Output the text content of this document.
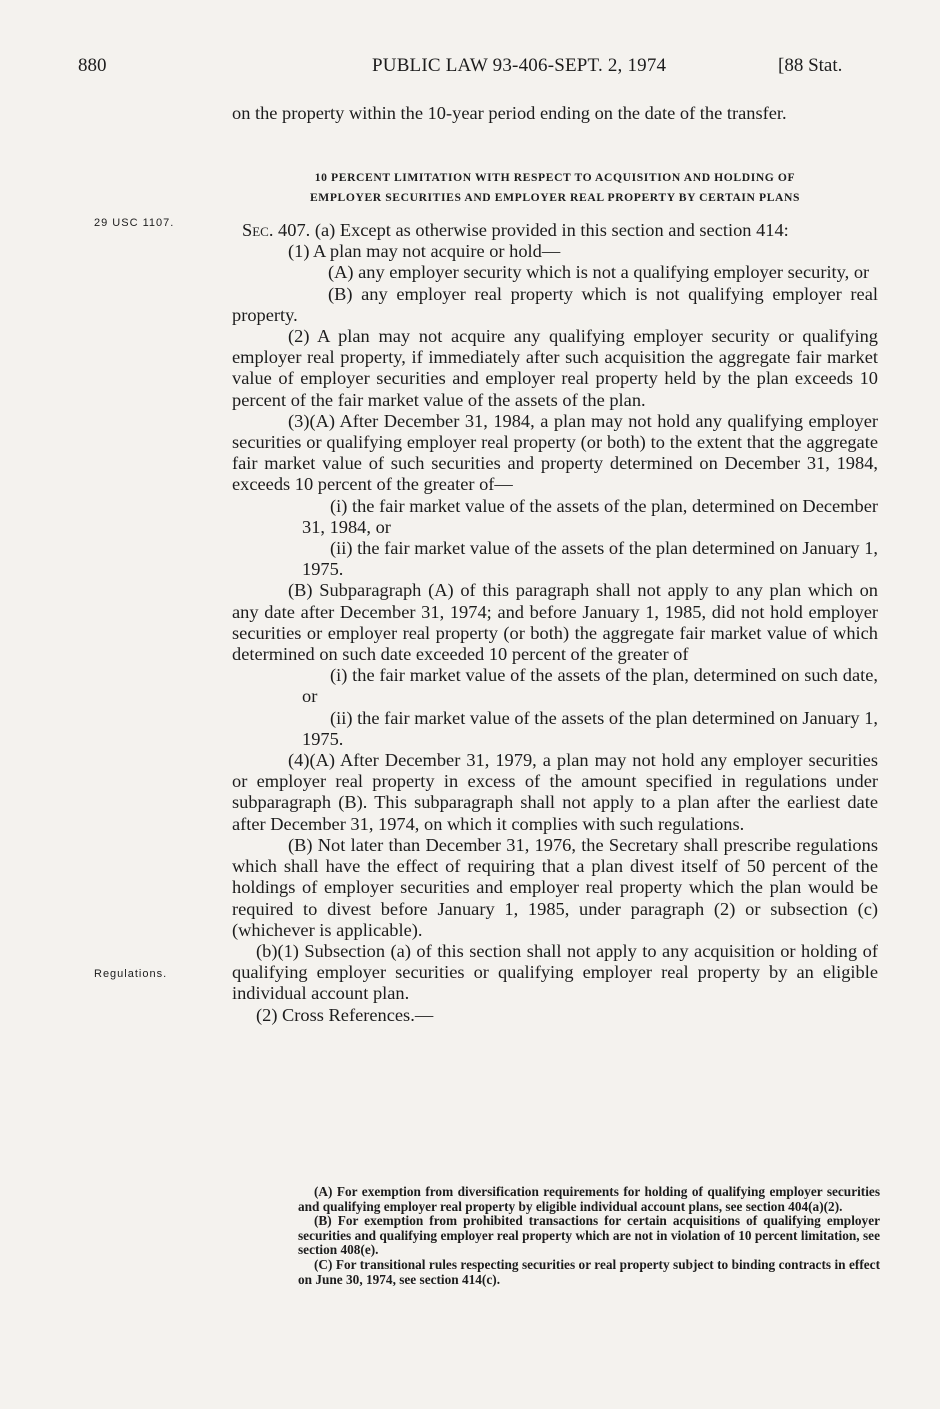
880	PUBLIC LAW 93-406-SEPT. 2, 1974	[88 Stat.

on the property within the 10-year period ending on the date of the transfer.

10 PERCENT LIMITATION WITH RESPECT TO ACQUISITION AND HOLDING OF
EMPLOYER SECURITIES AND EMPLOYER REAL PROPERTY BY CERTAIN PLANS
29 USC 1107.
Regulations.

Sec. 407. (a) Except as otherwise provided in this section and section 414:

(1) A plan may not acquire or hold—

(A) any employer security which is not a qualifying employer security, or

(B) any employer real property which is not qualifying employer real property.

(2) A plan may not acquire any qualifying employer security or qualifying employer real property, if immediately after such acquisition the aggregate fair market value of employer securities and employer real property held by the plan exceeds 10 percent of the fair market value of the assets of the plan.

(3)(A) After December 31, 1984, a plan may not hold any qualifying employer securities or qualifying employer real property (or both) to the extent that the aggregate fair market value of such securities and property determined on December 31, 1984, exceeds 10 percent of the greater of—

(i) the fair market value of the assets of the plan, determined on December 31, 1984, or

(ii) the fair market value of the assets of the plan determined on January 1, 1975.

(B) Subparagraph (A) of this paragraph shall not apply to any plan which on any date after December 31, 1974; and before January 1, 1985, did not hold employer securities or employer real property (or both) the aggregate fair market value of which determined on such date exceeded 10 percent of the greater of

(i) the fair market value of the assets of the plan, determined on such date, or

(ii) the fair market value of the assets of the plan determined on January 1, 1975.

(4)(A) After December 31, 1979, a plan may not hold any employer securities or employer real property in excess of the amount specified in regulations under subparagraph (B). This subparagraph shall not apply to a plan after the earliest date after December 31, 1974, on which it complies with such regulations.

(B) Not later than December 31, 1976, the Secretary shall prescribe regulations which shall have the effect of requiring that a plan divest itself of 50 percent of the holdings of employer securities and employer real property which the plan would be required to divest before January 1, 1985, under paragraph (2) or subsection (c) (whichever is applicable).

(b)(1) Subsection (a) of this section shall not apply to any acquisition or holding of qualifying employer securities or qualifying employer real property by an eligible individual account plan.

(2) Cross References.—

(A) For exemption from diversification requirements for holding of qualifying employer securities and qualifying employer real property by eligible individual account plans, see section 404(a)(2).

(B) For exemption from prohibited transactions for certain acquisitions of qualifying employer securities and qualifying employer real property which are not in violation of 10 percent limitation, see section 408(e).

(C) For transitional rules respecting securities or real property subject to binding contracts in effect on June 30, 1974, see section 414(c).
